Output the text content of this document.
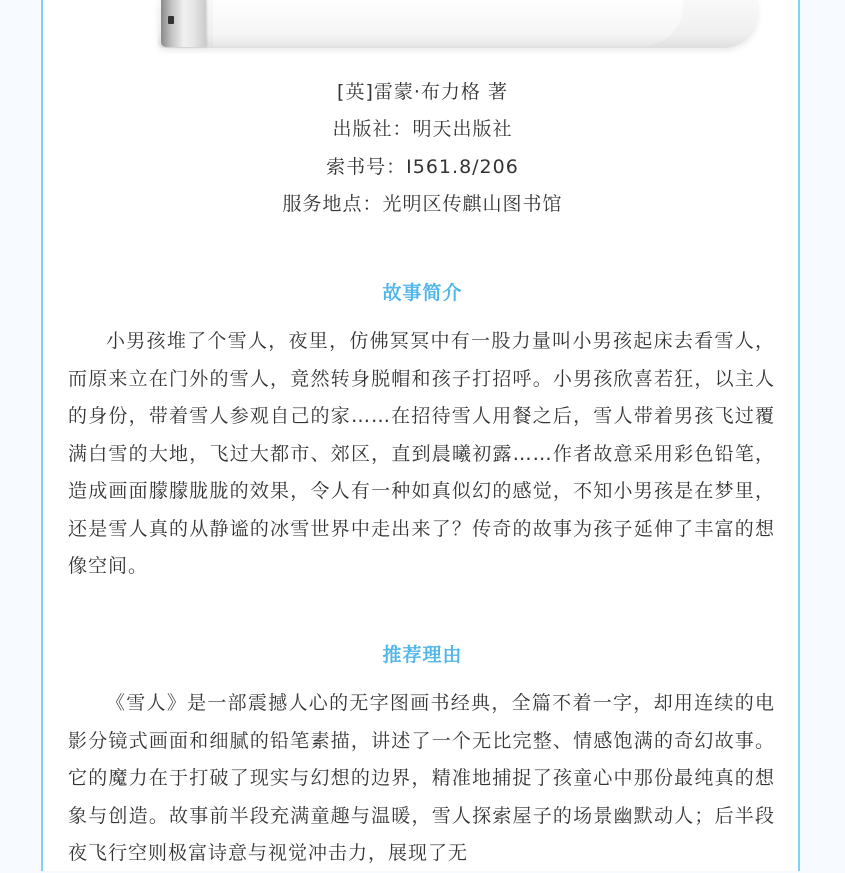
[英]雷蒙·布力格 著
出版社：明天出版社
索书号：I561.8/206
服务地点：光明区传麒山图书馆
故事简介

小男孩堆了个雪人，夜里，仿佛冥冥中有一股力量叫小男孩起床去看雪人，而原来立在门外的雪人，竟然转身脱帽和孩子打招呼。小男孩欣喜若狂，以主人的身份，带着雪人参观自己的家……在招待雪人用餐之后，雪人带着男孩飞过覆满白雪的大地，飞过大都市、郊区，直到晨曦初露……作者故意采用彩色铅笔，造成画面朦朦胧胧的效果，令人有一种如真似幻的感觉，不知小男孩是在梦里，还是雪人真的从静谧的冰雪世界中走出来了？传奇的故事为孩子延伸了丰富的想像空间。

推荐理由

《雪人》是一部震撼人心的无字图画书经典，全篇不着一字，却用连续的电影分镜式画面和细腻的铅笔素描，讲述了一个无比完整、情感饱满的奇幻故事。它的魔力在于打破了现实与幻想的边界，精准地捕捉了孩童心中那份最纯真的想象与创造。故事前半段充满童趣与温暖，雪人探索屋子的场景幽默动人；后半段夜飞行空则极富诗意与视觉冲击力，展现了无
